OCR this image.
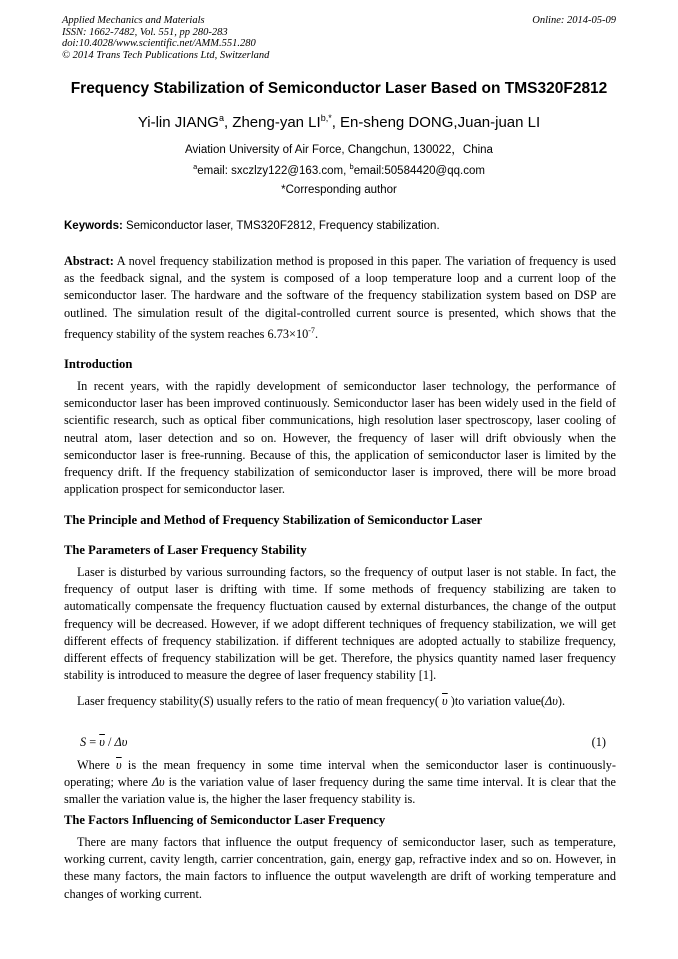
Applied Mechanics and Materials
ISSN: 1662-7482, Vol. 551, pp 280-283
doi:10.4028/www.scientific.net/AMM.551.280
© 2014 Trans Tech Publications Ltd, Switzerland
Online: 2014-05-09
Frequency Stabilization of Semiconductor Laser Based on TMS320F2812
Yi-lin JIANG$^a$, Zheng-yan $LI^{b,*}$, En-sheng DONG,Juan-juan LI
Aviation University of Air Force, Changchun, 130022，China
$^a$email: sxczlzy122@163.com, $^b$email:50584420@qq.com
*Corresponding author
Keywords: Semiconductor laser, TMS320F2812, Frequency stabilization.
Abstract: A novel frequency stabilization method is proposed in this paper. The variation of frequency is used as the feedback signal, and the system is composed of a loop temperature loop and a current loop of the semiconductor laser. The hardware and the software of the frequency stabilization system based on DSP are outlined. The simulation result of the digital-controlled current source is presented, which shows that the frequency stability of the system reaches $6.73\times 10^{-7}$.
Introduction
In recent years, with the rapidly development of semiconductor laser technology, the performance of semiconductor laser has been improved continuously. Semiconductor laser has been widely used in the field of scientific research, such as optical fiber communications, high resolution laser spectroscopy, laser cooling of neutral atom, laser detection and so on. However, the frequency of laser will drift obviously when the semiconductor laser is free-running. Because of this, the application of semiconductor laser is limited by the frequency drift. If the frequency stabilization of semiconductor laser is improved, there will be more broad application prospect for semiconductor laser.
The Principle and Method of Frequency Stabilization of Semiconductor Laser
The Parameters of Laser Frequency Stability
Laser is disturbed by various surrounding factors, so the frequency of output laser is not stable. In fact, the frequency of output laser is drifting with time. If some methods of frequency stabilizing are taken to automatically compensate the frequency fluctuation caused by external disturbances, the change of the output frequency will be decreased. However, if we adopt different techniques of frequency stabilization, we will get different effects of frequency stabilization. if different techniques are adopted actually to stabilize frequency, different effects of frequency stabilization will be get. Therefore, the physics quantity named laser frequency stability is introduced to measure the degree of laser frequency stability [1].
Laser frequency stability(S) usually refers to the ratio of mean frequency( $\overline{\upsilon}$ )to variation value(Δυ).
$S = \overline{\upsilon} / \Delta\upsilon$	(1)
Where $\overline{\upsilon}$ is the mean frequency in some time interval when the semiconductor laser is continuously-operating; where Δυ is the variation value of laser frequency during the same time interval. It is clear that the smaller the variation value is, the higher the laser frequency stability is.
The Factors Influencing of Semiconductor Laser Frequency
There are many factors that influence the output frequency of semiconductor laser, such as temperature, working current, cavity length, carrier concentration, gain, energy gap, refractive index and so on. However, in these many factors, the main factors to influence the output wavelength are drift of working temperature and changes of working current.
